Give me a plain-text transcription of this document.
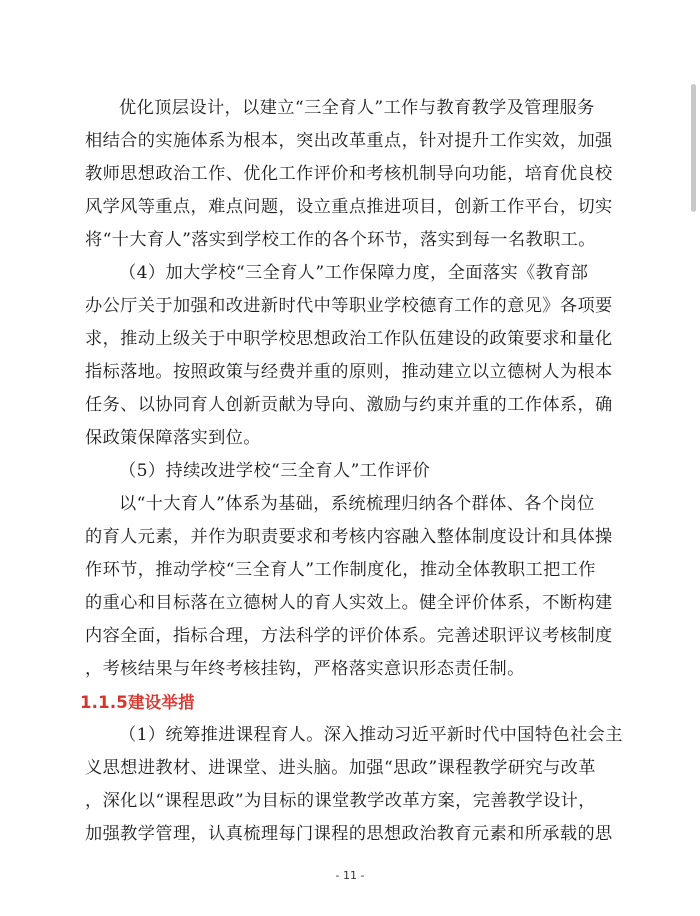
优化顶层设计，以建立“三全育人”工作与教育教学及管理服务
相结合的实施体系为根本，突出改革重点，针对提升工作实效，加强
教师思想政治工作、优化工作评价和考核机制导向功能，培育优良校
风学风等重点，难点问题，设立重点推进项目，创新工作平台，切实
将“十大育人”落实到学校工作的各个环节，落实到每一名教职工。

（4）加大学校“三全育人”工作保障力度，全面落实《教育部
办公厅关于加强和改进新时代中等职业学校德育工作的意见》各项要
求，推动上级关于中职学校思想政治工作队伍建设的政策要求和量化
指标落地。按照政策与经费并重的原则，推动建立以立德树人为根本
任务、以协同育人创新贡献为导向、激励与约束并重的工作体系，确
保政策保障落实到位。

（5）持续改进学校“三全育人”工作评价

以“十大育人”体系为基础，系统梳理归纳各个群体、各个岗位
的育人元素，并作为职责要求和考核内容融入整体制度设计和具体操
作环节，推动学校“三全育人”工作制度化，推动全体教职工把工作
的重心和目标落在立德树人的育人实效上。健全评价体系，不断构建
内容全面，指标合理，方法科学的评价体系。完善述职评议考核制度
，考核结果与年终考核挂钩，严格落实意识形态责任制。

1.1.5建设举措

（1）统筹推进课程育人。深入推动习近平新时代中国特色社会主
义思想进教材、进课堂、进头脑。加强“思政”课程教学研究与改革
，深化以“课程思政”为目标的课堂教学改革方案，完善教学设计，
加强教学管理，认真梳理每门课程的思想政治教育元素和所承载的思

- 11 -
